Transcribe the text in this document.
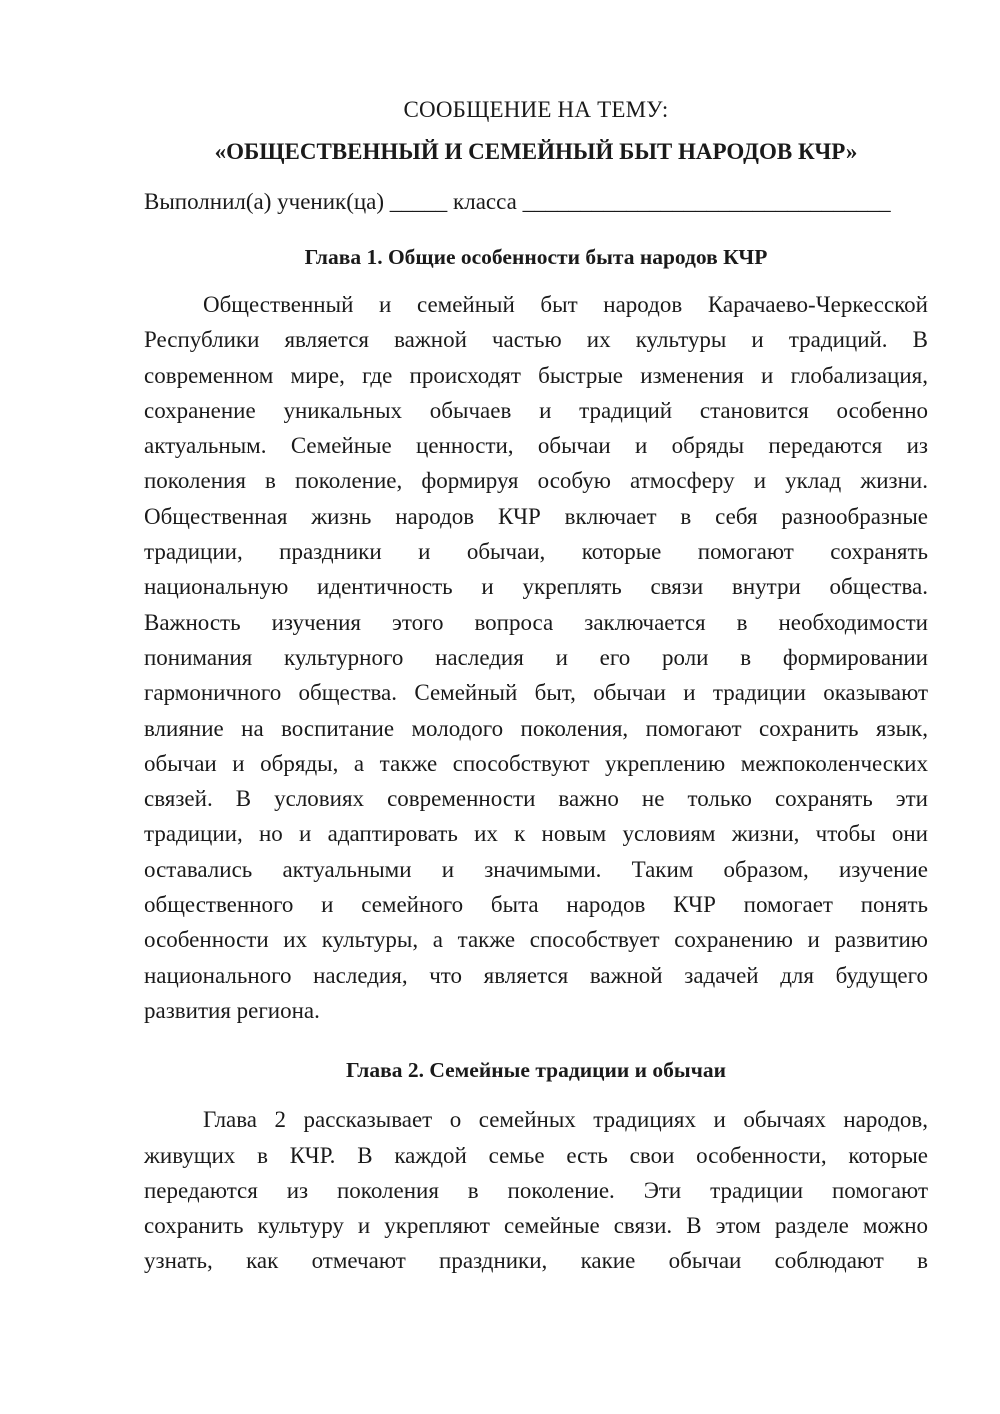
СООБЩЕНИЕ НА ТЕМУ:

«ОБЩЕСТВЕННЫЙ И СЕМЕЙНЫЙ БЫТ НАРОДОВ КЧР»

Выполнил(а) ученик(ца) _____ класса ________________________________

Глава 1. Общие особенности быта народов КЧР
Общественный и семейный быт народов Карачаево-Черкесской
Республики является важной частью их культуры и традиций. В
современном мире, где происходят быстрые изменения и глобализация,
сохранение уникальных обычаев и традиций становится особенно
актуальным. Семейные ценности, обычаи и обряды передаются из
поколения в поколение, формируя особую атмосферу и уклад жизни.
Общественная жизнь народов КЧР включает в себя разнообразные
традиции, праздники и обычаи, которые помогают сохранять
национальную идентичность и укреплять связи внутри общества.
Важность изучения этого вопроса заключается в необходимости
понимания культурного наследия и его роли в формировании
гармоничного общества. Семейный быт, обычаи и традиции оказывают
влияние на воспитание молодого поколения, помогают сохранить язык,
обычаи и обряды, а также способствуют укреплению межпоколенческих
связей. В условиях современности важно не только сохранять эти
традиции, но и адаптировать их к новым условиям жизни, чтобы они
оставались актуальными и значимыми. Таким образом, изучение
общественного и семейного быта народов КЧР помогает понять
особенности их культуры, а также способствует сохранению и развитию
национального наследия, что является важной задачей для будущего
развития региона.
Глава 2. Семейные традиции и обычаи
Глава 2 рассказывает о семейных традициях и обычаях народов,
живущих в КЧР. В каждой семье есть свои особенности, которые
передаются из поколения в поколение. Эти традиции помогают
сохранить культуру и укрепляют семейные связи. В этом разделе можно
узнать, как отмечают праздники, какие обычаи соблюдают в
